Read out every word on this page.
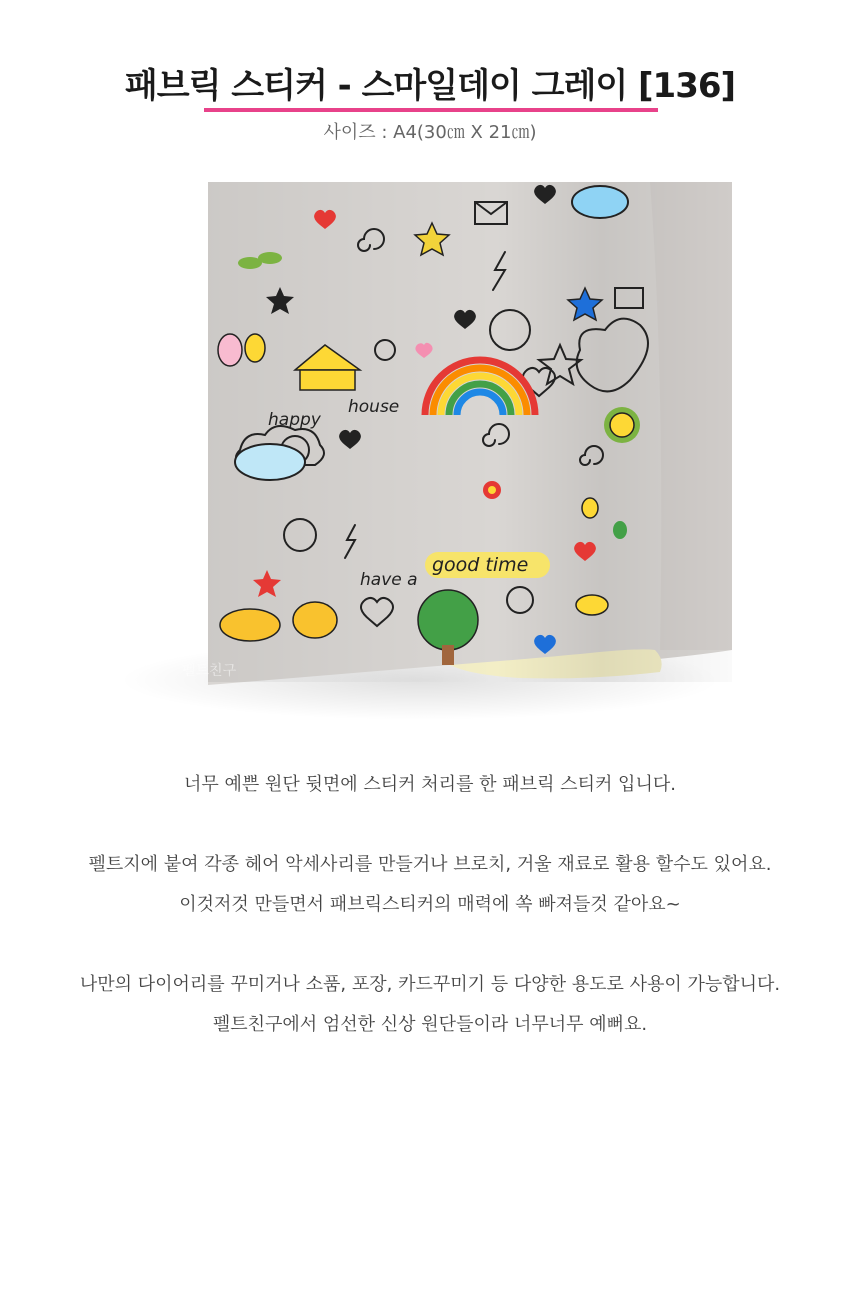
패브릭 스티커 - 스마일데이 그레이 [136]
사이즈 : A4(30㎝ X 21㎝)
happy
house
have a
good time
펠트친구
너무 예쁜 원단 뒷면에 스티커 처리를 한 패브릭 스티커 입니다.
펠트지에 붙여 각종 헤어 악세사리를 만들거나 브로치, 거울 재료로 활용 할수도 있어요.
이것저것 만들면서 패브릭스티커의 매력에 쏙 빠져들것 같아요~
나만의 다이어리를 꾸미거나 소품, 포장, 카드꾸미기 등 다양한 용도로 사용이 가능합니다.
펠트친구에서 엄선한 신상 원단들이라 너무너무 예뻐요.
